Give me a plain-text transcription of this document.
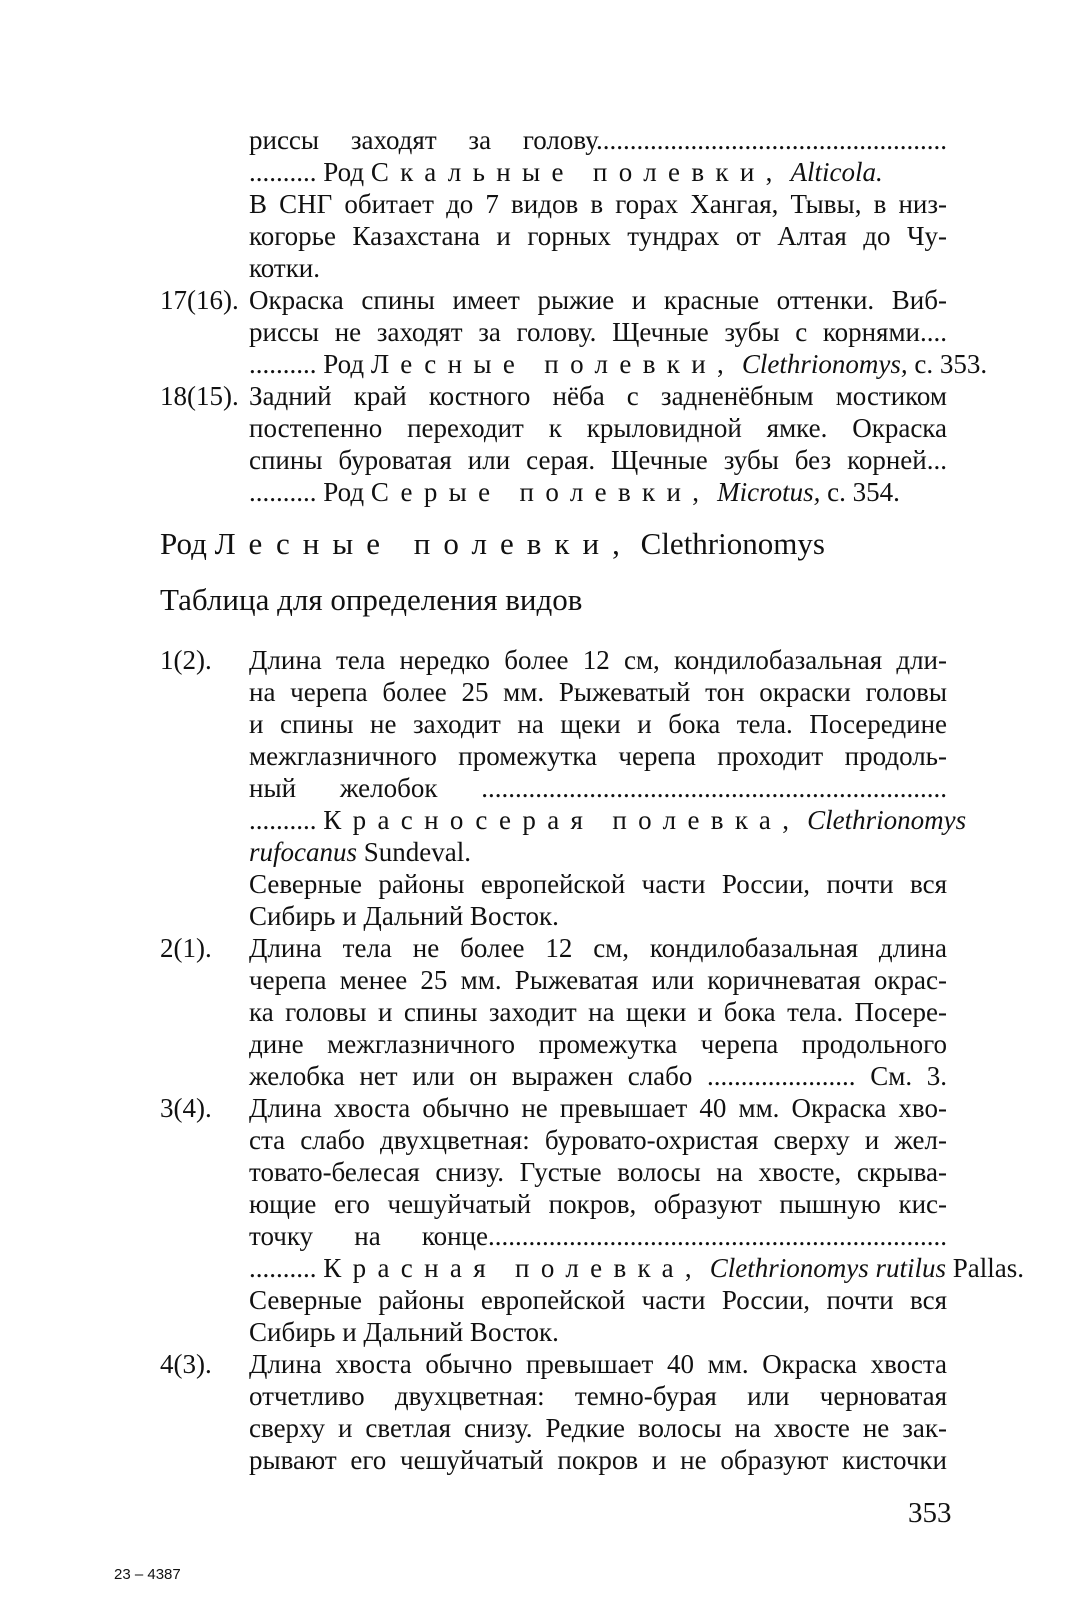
риссы заходят за голову....................................................
.......... Род Скальные полевки, Alticola.
В СНГ обитает до 7 видов в горах Хангая, Тывы, в низ-
когорье Казахстана и горных тундрах от Алтая до Чу-
котки.
17(16). Окраска спины имеет рыжие и красные оттенки. Виб-
риссы не заходят за голову. Щечные зубы с корнями....
.......... Род Лесные полевки, Clethrionomys, с. 353.
18(15). Задний край костного нёба с задненёбным мостиком
постепенно переходит к крыловидной ямке. Окраска
спины буроватая или серая. Щечные зубы без корней...
.......... Род Серые полевки, Microtus, с. 354.
Род Лесные полевки, Clethrionomys
Таблица для определения видов
1(2). Длина тела нередко более 12 см, кондилобазальная дли-
на черепа более 25 мм. Рыжеватый тон окраски головы
и спины не заходит на щеки и бока тела. Посередине
межглазничного промежутка черепа проходит продоль-
ный желобок .....................................................................
.......... Красносерая полевка, Clethrionomys
rufocanus Sundeval.
Северные районы европейской части России, почти вся
Сибирь и Дальний Восток.
2(1). Длина тела не более 12 см, кондилобазальная длина
черепа менее 25 мм. Рыжеватая или коричневатая окрас-
ка головы и спины заходит на щеки и бока тела. Посере-
дине межглазничного промежутка черепа продольного
желобка нет или он выражен слабо ...................... См. 3.
3(4). Длина хвоста обычно не превышает 40 мм. Окраска хво-
ста слабо двухцветная: буровато-охристая сверху и жел-
товато-белесая снизу. Густые волосы на хвосте, скрыва-
ющие его чешуйчатый покров, образуют пышную кис-
точку на конце....................................................................
.......... Красная полевка, Clethrionomys rutilus Pallas.
Северные районы европейской части России, почти вся
Сибирь и Дальний Восток.
4(3). Длина хвоста обычно превышает 40 мм. Окраска хвоста
отчетливо двухцветная: темно-бурая или черноватая
сверху и светлая снизу. Редкие волосы на хвосте не зак-
рывают его чешуйчатый покров и не образуют кисточки
353
23 – 4387
